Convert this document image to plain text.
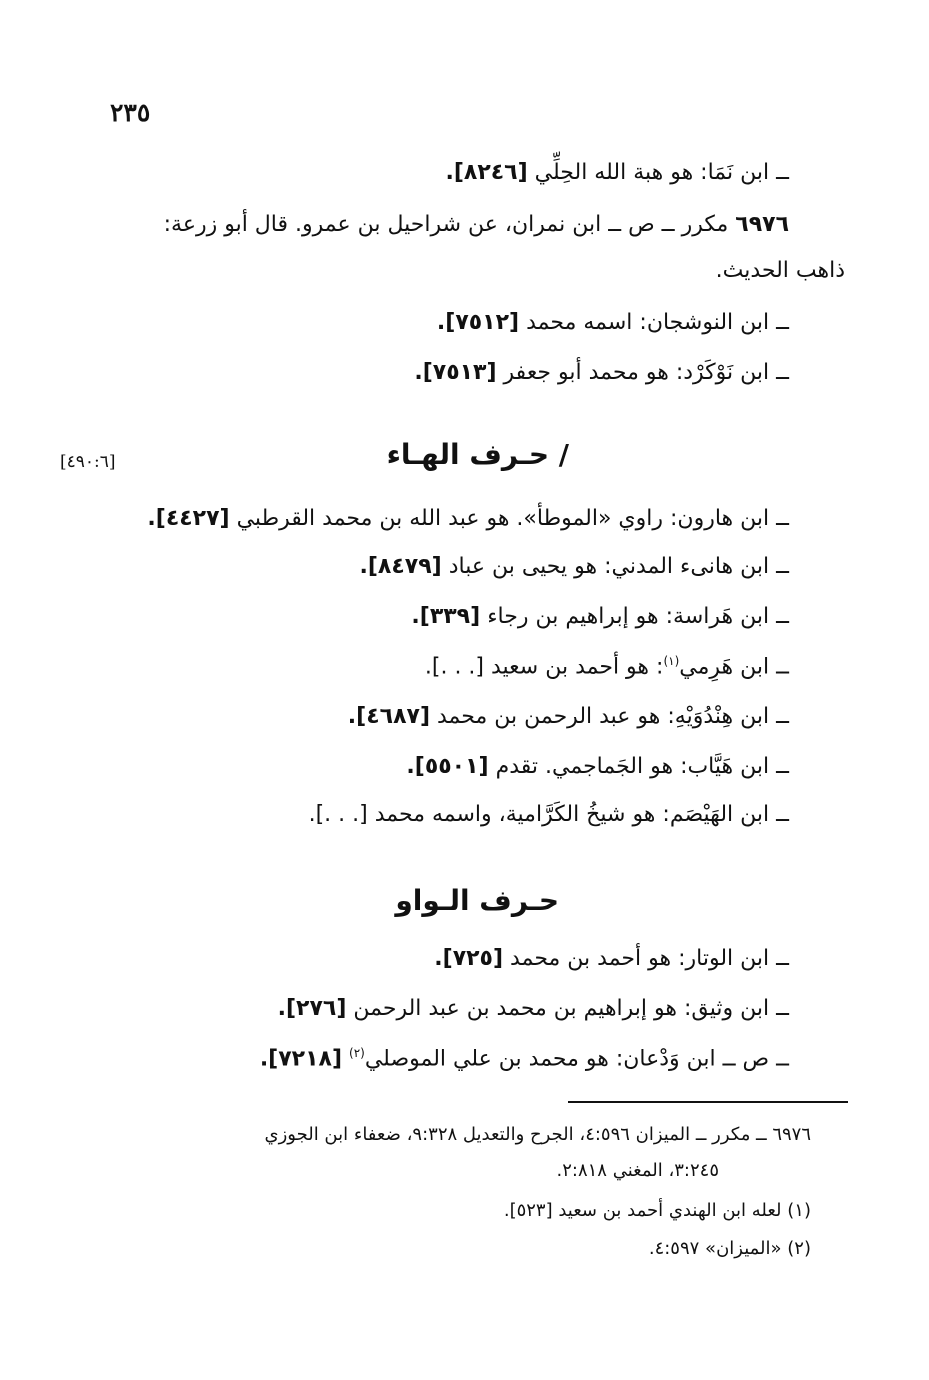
٢٣٥
ــ ابن نَمَا: هو هبة الله الحِلِّي [٨٢٤٦].
٦٩٧٦ مكرر ــ ص ــ ابن نمران، عن شراحيل بن عمرو. قال أبو زرعة:
ذاهب الحديث.
ــ ابن النوشجان: اسمه محمد [٧٥١٢].
ــ ابن نَوْكَرْد: هو محمد أبو جعفر [٧٥١٣].
/ حـرف الهـاء
[٤٩٠:٦]
ــ ابن هارون: راوي «الموطأ». هو عبد الله بن محمد القرطبي [٤٤٢٧].
ــ ابن هانىء المدني: هو يحيى بن عباد [٨٤٧٩].
ــ ابن هَراسة: هو إبراهيم بن رجاء [٣٣٩].
ــ ابن هَرِمي$^{(١)}$: هو أحمد بن سعيد [. . .].
ــ ابن هِنْدُوَيْهِ: هو عبد الرحمن بن محمد [٤٦٨٧].
ــ ابن هَيَّاب: هو الجَماجمي. تقدم [٥٥٠١].
ــ ابن الهَيْصَم: هو شيخُ الكَرَّامية، واسمه محمد [. . .].
حـرف الـواو
ــ ابن الوتار: هو أحمد بن محمد [٧٢٥].
ــ ابن وثيق: هو إبراهيم بن محمد بن عبد الرحمن [٢٧٦].
ــ ص ــ ابن وَدْعان: هو محمد بن علي الموصلي$^{(٢)}$ [٧٢١٨].
٦٩٧٦ ــ مكرر ــ الميزان ٤:٥٩٦، الجرح والتعديل ٩:٣٢٨، ضعفاء ابن الجوزي
٣:٢٤٥، المغني ٢:٨١٨.
(١) لعله ابن الهندي أحمد بن سعيد [٥٢٣].
(٢) «الميزان» ٤:٥٩٧.
